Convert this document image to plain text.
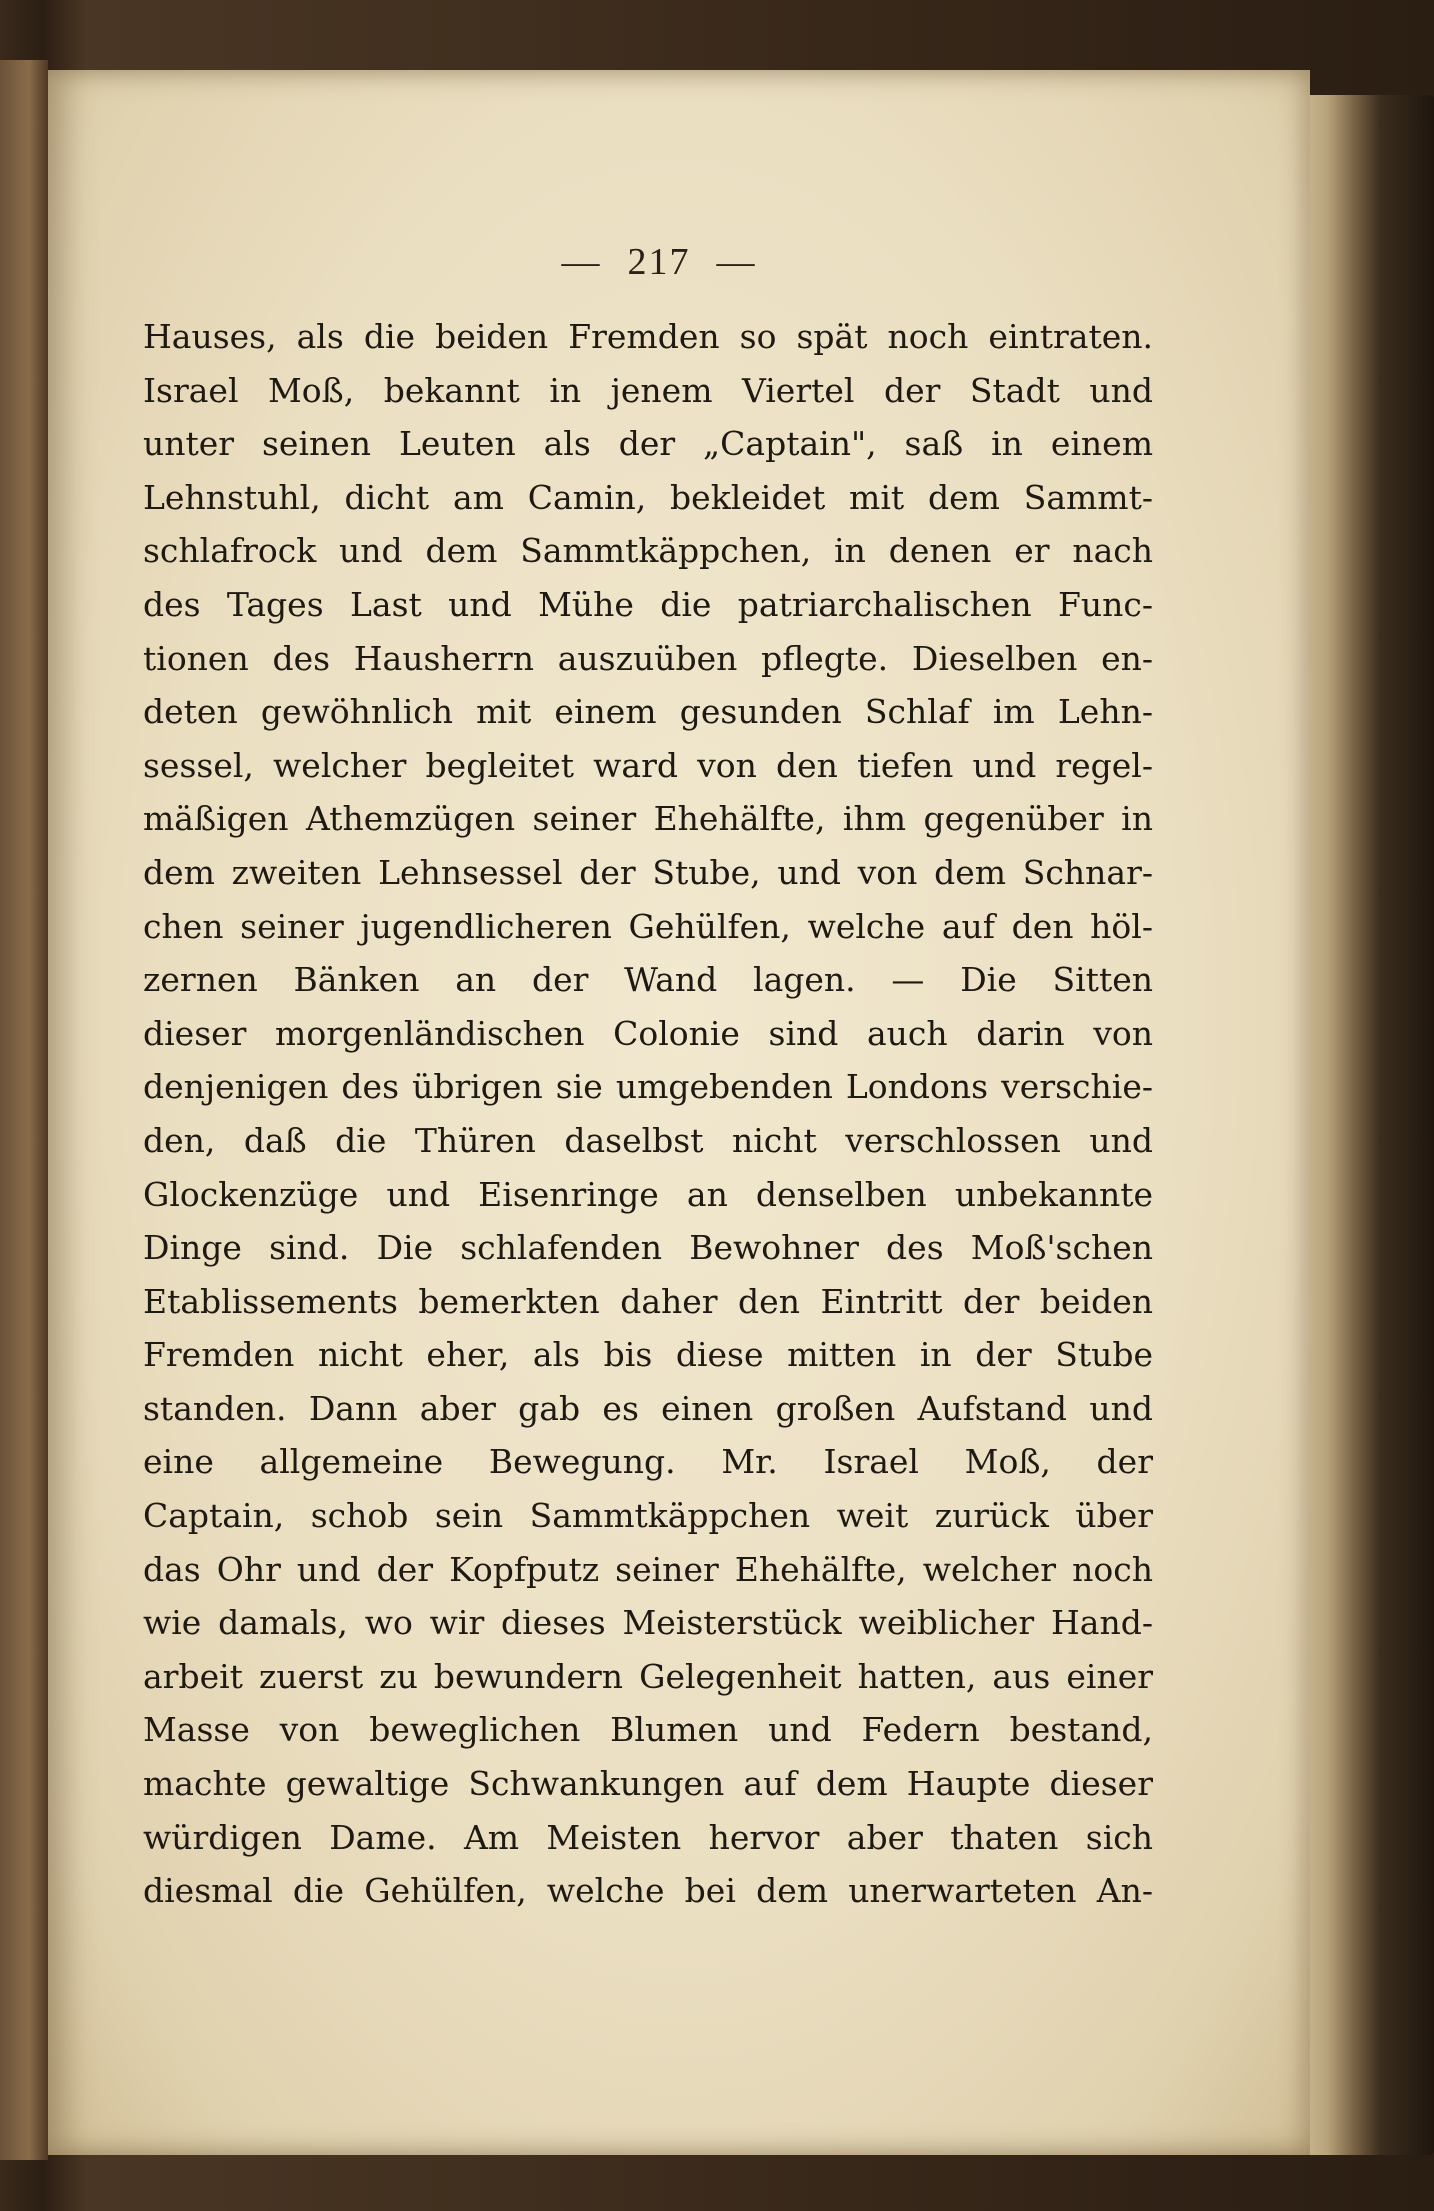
— 217 —
Hauses, als die beiden Fremden so spät noch eintraten.
Israel Moß, bekannt in jenem Viertel der Stadt und
unter seinen Leuten als der „Captain", saß in einem
Lehnstuhl, dicht am Camin, bekleidet mit dem Sammt-
schlafrock und dem Sammtkäppchen, in denen er nach
des Tages Last und Mühe die patriarchalischen Func-
tionen des Hausherrn auszuüben pflegte. Dieselben en-
deten gewöhnlich mit einem gesunden Schlaf im Lehn-
sessel, welcher begleitet ward von den tiefen und regel-
mäßigen Athemzügen seiner Ehehälfte, ihm gegenüber in
dem zweiten Lehnsessel der Stube, und von dem Schnar-
chen seiner jugendlicheren Gehülfen, welche auf den höl-
zernen Bänken an der Wand lagen. — Die Sitten
dieser morgenländischen Colonie sind auch darin von
denjenigen des übrigen sie umgebenden Londons verschie-
den, daß die Thüren daselbst nicht verschlossen und
Glockenzüge und Eisenringe an denselben unbekannte
Dinge sind. Die schlafenden Bewohner des Moß'schen
Etablissements bemerkten daher den Eintritt der beiden
Fremden nicht eher, als bis diese mitten in der Stube
standen. Dann aber gab es einen großen Aufstand und
eine allgemeine Bewegung. Mr. Israel Moß, der
Captain, schob sein Sammtkäppchen weit zurück über
das Ohr und der Kopfputz seiner Ehehälfte, welcher noch
wie damals, wo wir dieses Meisterstück weiblicher Hand-
arbeit zuerst zu bewundern Gelegenheit hatten, aus einer
Masse von beweglichen Blumen und Federn bestand,
machte gewaltige Schwankungen auf dem Haupte dieser
würdigen Dame. Am Meisten hervor aber thaten sich
diesmal die Gehülfen, welche bei dem unerwarteten An-
